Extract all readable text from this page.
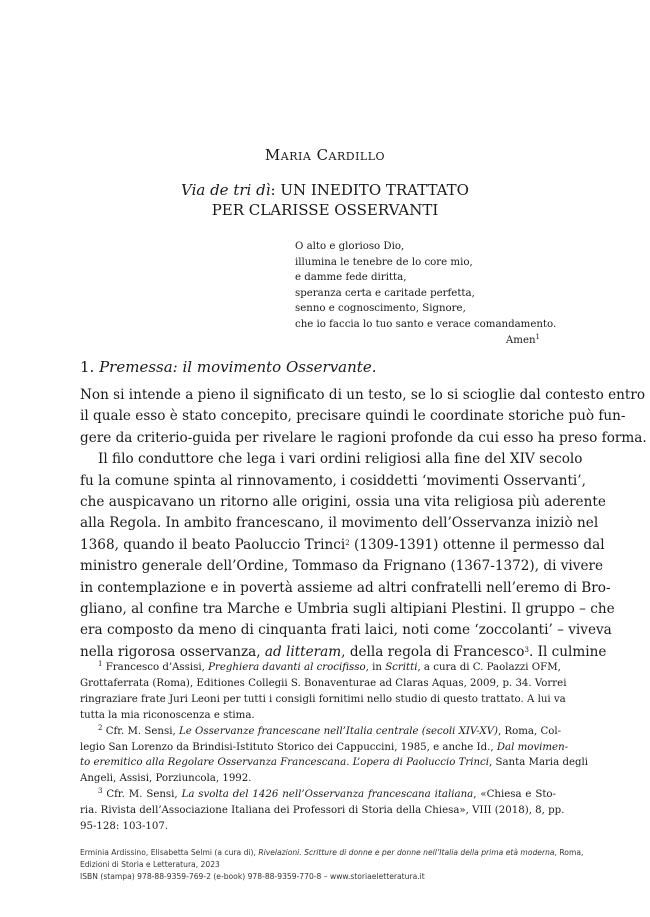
Maria Cardillo
Via de tri dì: UN INEDITO TRATTATO
PER CLARISSE OSSERVANTI
O alto e glorioso Dio,
illumina le tenebre de lo core mio,
e damme fede diritta,
speranza certa e caritade perfetta,
senno e cognoscimento, Signore,
che io faccia lo tuo santo e verace comandamento.
Amen$^1$
1. Premessa: il movimento Osservante.

Non si intende a pieno il significato di un testo, se lo si scioglie dal contesto entro
il quale esso è stato concepito, precisare quindi le coordinate storiche può fun-
gere da criterio-guida per rivelare le ragioni profonde da cui esso ha preso forma.

Il filo conduttore che lega i vari ordini religiosi alla fine del XIV secolo
fu la comune spinta al rinnovamento, i cosiddetti ‘movimenti Osservanti’,
che auspicavano un ritorno alle origini, ossia una vita religiosa più aderente
alla Regola. In ambito francescano, il movimento dell’Osservanza iniziò nel
1368, quando il beato Paoluccio Trinci$^2$ (1309-1391) ottenne il permesso dal
ministro generale dell’Ordine, Tommaso da Frignano (1367-1372), di vivere
in contemplazione e in povertà assieme ad altri confratelli nell’eremo di Bro-
gliano, al confine tra Marche e Umbria sugli altipiani Plestini. Il gruppo – che
era composto da meno di cinquanta frati laici, noti come ‘zoccolanti’ – viveva
nella rigorosa osservanza, ad litteram, della regola di Francesco$^3$. Il culmine

$^1$ Francesco d’Assisi, Preghiera davanti al crocifisso, in Scritti, a cura di C. Paolazzi OFM,
Grottaferrata (Roma), Editiones Collegii S. Bonaventurae ad Claras Aquas, 2009, p. 34. Vorrei
ringraziare frate Juri Leoni per tutti i consigli fornitimi nello studio di questo trattato. A lui va
tutta la mia riconoscenza e stima.
$^2$ Cfr. M. Sensi, Le Osservanze francescane nell’Italia centrale (secoli XIV-XV), Roma, Col-
legio San Lorenzo da Brindisi-Istituto Storico dei Cappuccini, 1985, e anche Id., Dal movimen-
to eremitico alla Regolare Osservanza Francescana. L’opera di Paoluccio Trinci, Santa Maria degli
Angeli, Assisi, Porziuncola, 1992.
$^3$ Cfr. M. Sensi, La svolta del 1426 nell’Osservanza francescana italiana, «Chiesa e Sto-
ria. Rivista dell’Associazione Italiana dei Professori di Storia della Chiesa», VIII (2018), 8, pp.
95-128: 103-107.
Erminia Ardissino, Elisabetta Selmi (a cura di), Rivelazioni. Scritture di donne e per donne nell’Italia della prima età moderna, Roma,
Edizioni di Storia e Letteratura, 2023
ISBN (stampa) 978-88-9359-769-2 (e-book) 978-88-9359-770-8 – www.storiaeletteratura.it
